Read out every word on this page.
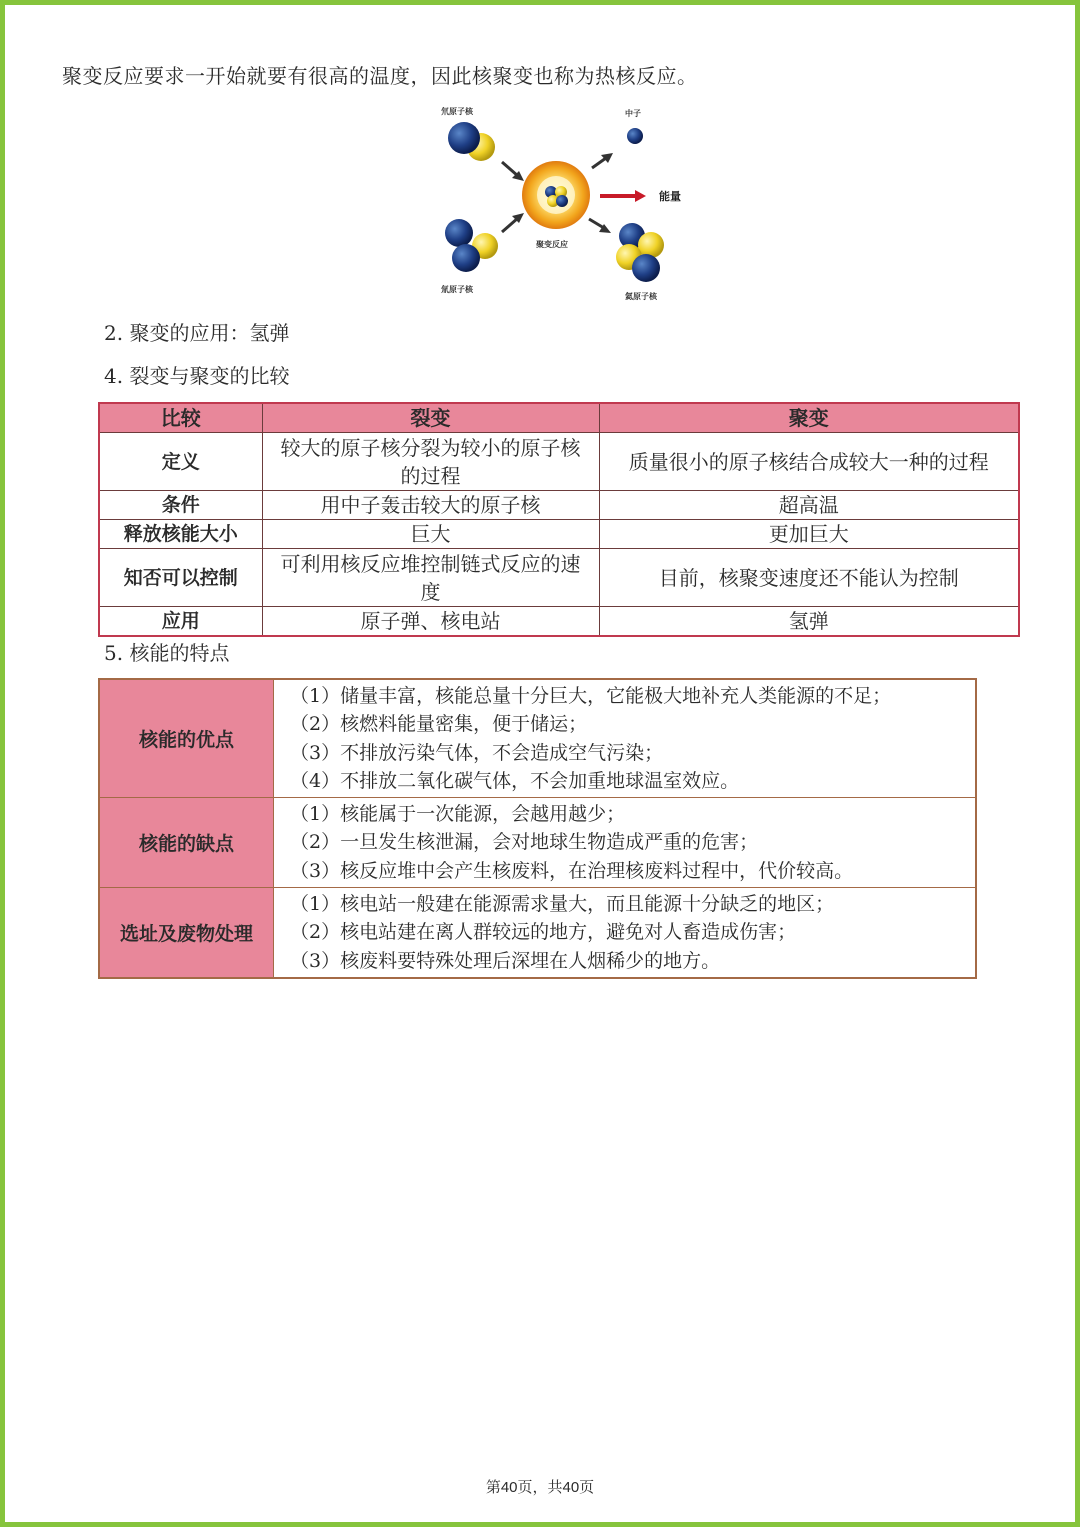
聚变反应要求一开始就要有很高的温度，因此核聚变也称为热核反应。
氘原子核
氚原子核
聚变反应
中子
能量
氦原子核
2. 聚变的应用：氢弹
4. 裂变与聚变的比较
比较	裂变	聚变
定义	较大的原子核分裂为较小的原子核的过程	质量很小的原子核结合成较大一种的过程
条件	用中子轰击较大的原子核	超高温
释放核能大小	巨大	更加巨大
知否可以控制	可利用核反应堆控制链式反应的速度	目前，核聚变速度还不能认为控制
应用	原子弹、核电站	氢弹
5. 核能的特点
核能的优点	（1）储量丰富，核能总量十分巨大，它能极大地补充人类能源的不足；
（2）核燃料能量密集，便于储运；
（3）不排放污染气体，不会造成空气污染；
（4）不排放二氧化碳气体，不会加重地球温室效应。

核能的缺点	（1）核能属于一次能源，会越用越少；
（2）一旦发生核泄漏，会对地球生物造成严重的危害；
（3）核反应堆中会产生核废料，在治理核废料过程中，代价较高。

选址及废物处理	（1）核电站一般建在能源需求量大，而且能源十分缺乏的地区；
（2）核电站建在离人群较远的地方，避免对人畜造成伤害；
（3）核废料要特殊处理后深埋在人烟稀少的地方。
第40页，共40页
